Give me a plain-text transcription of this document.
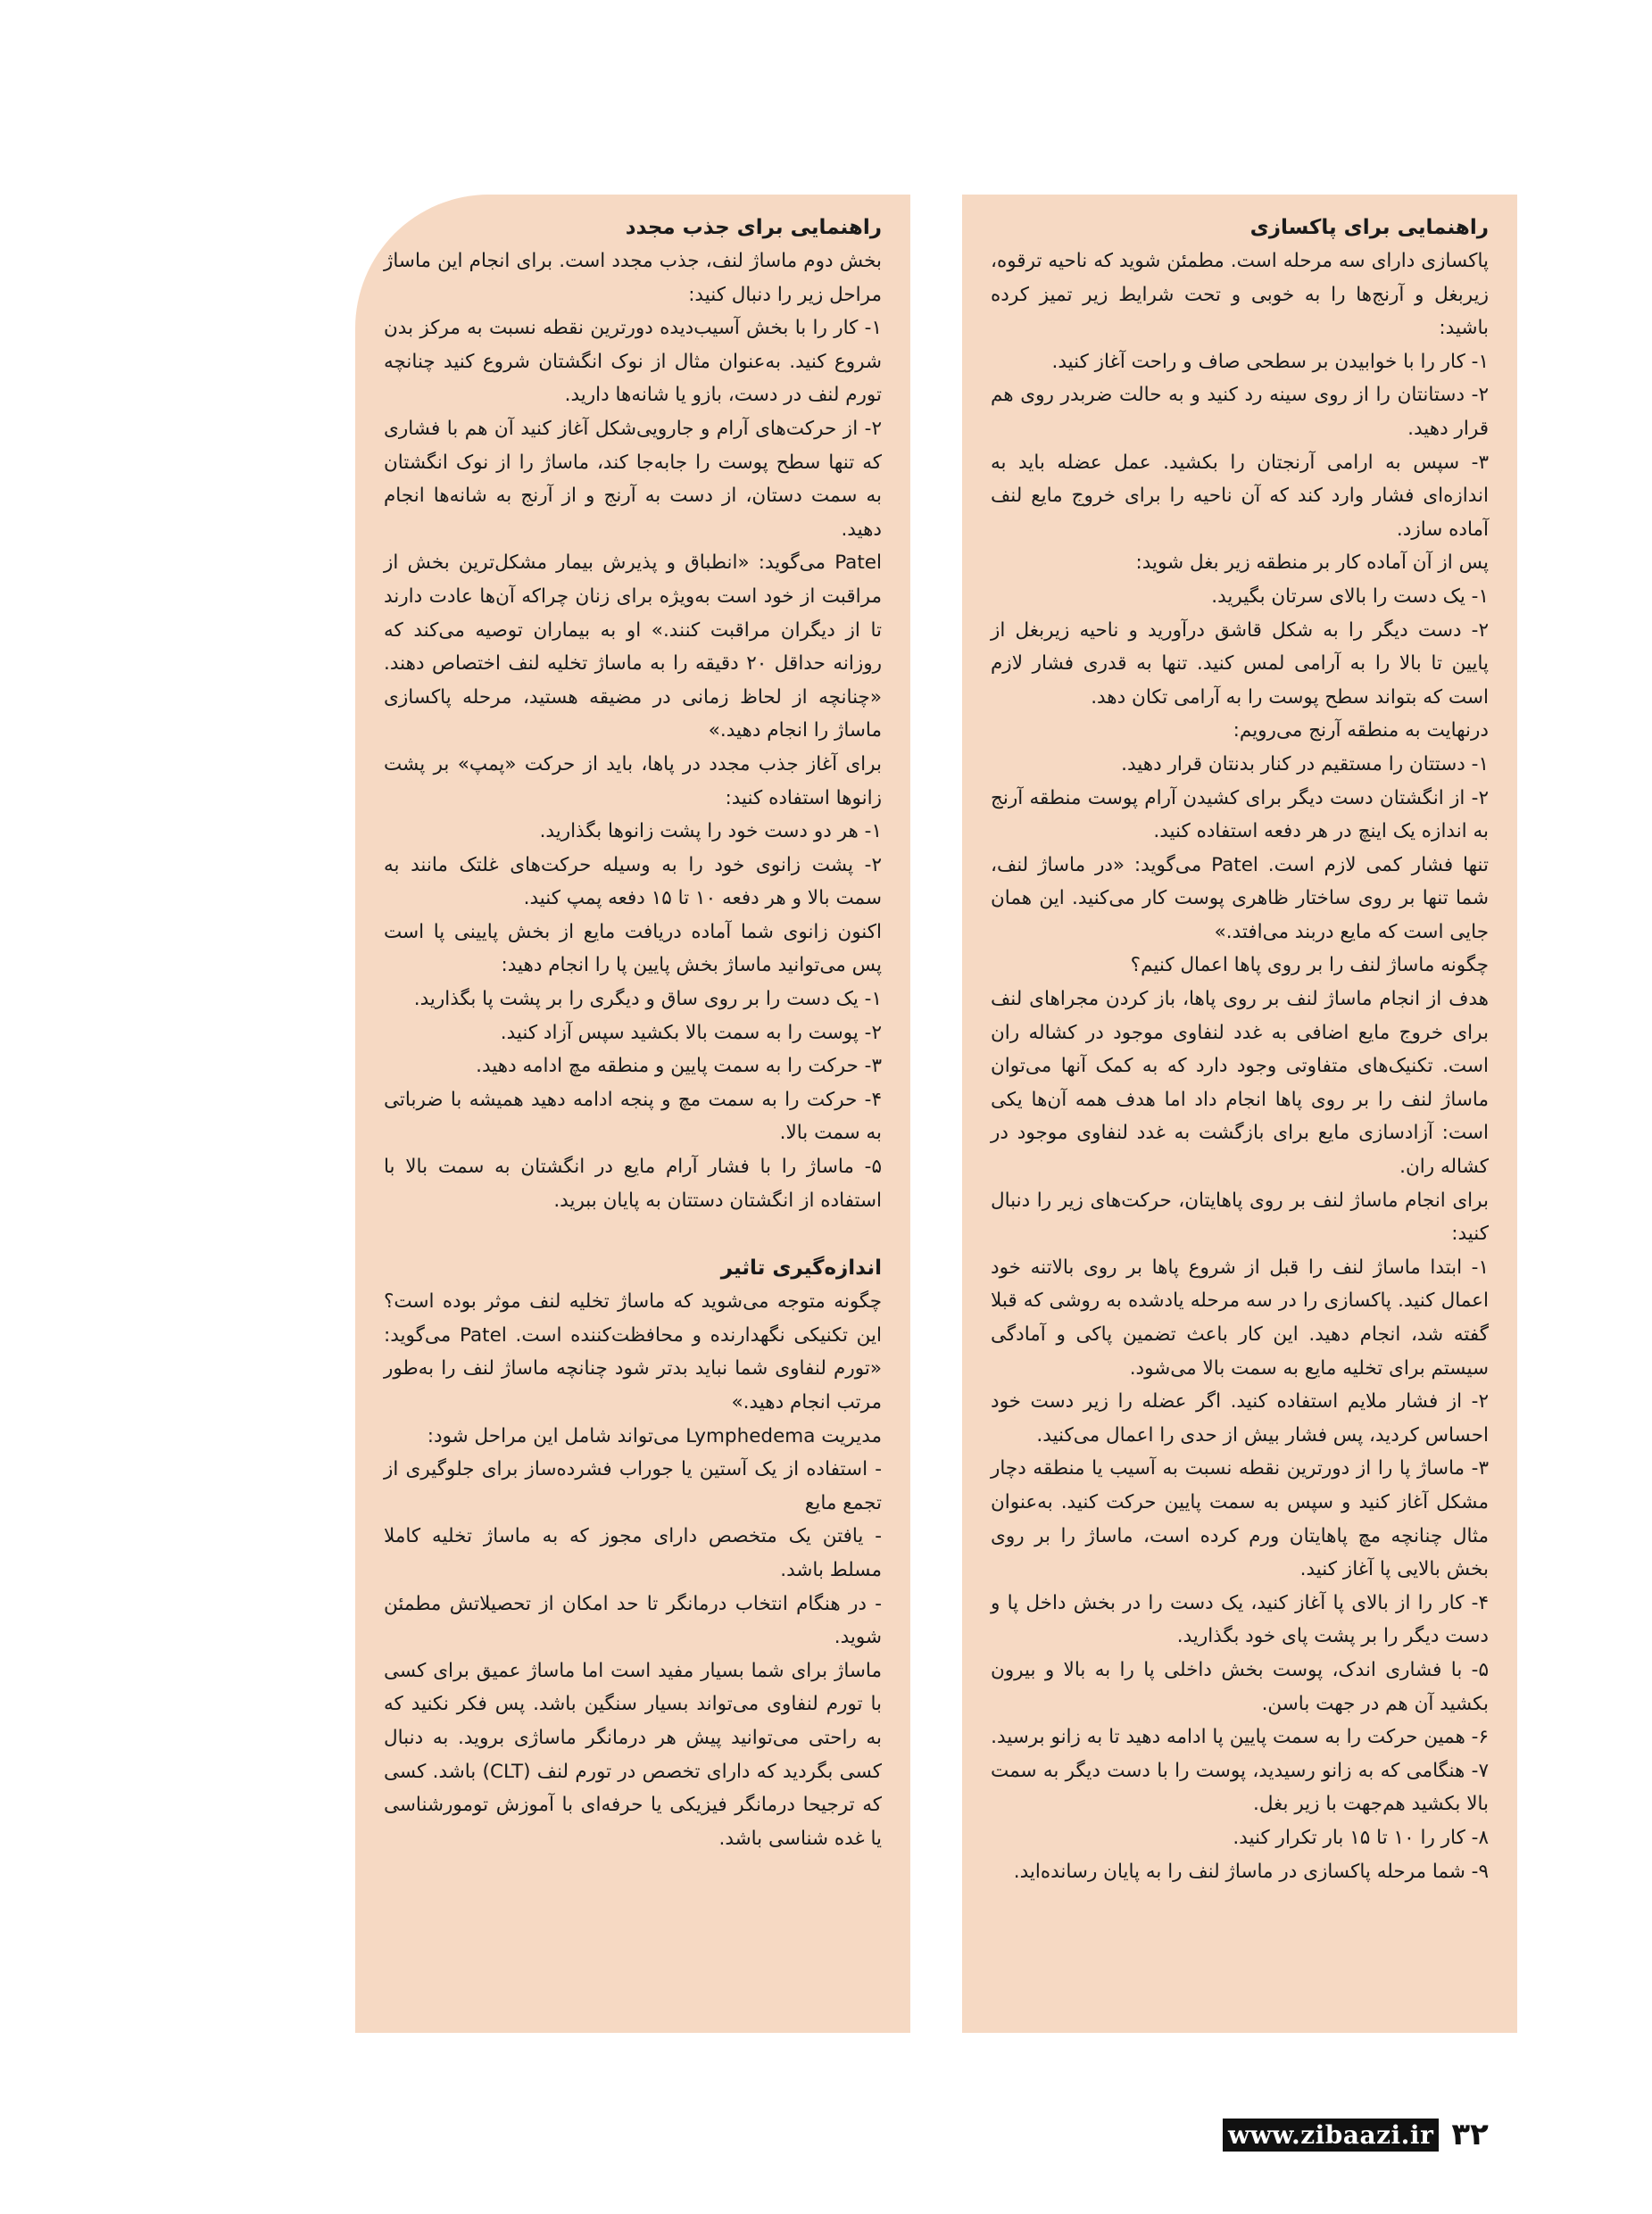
راهنمایی برای پاکسازی

پاکسازی دارای سه مرحله است. مطمئن شوید که ناحیه ترقوه، زیربغل و آرنج‌ها را به خوبی و تحت شرایط زیر تمیز کرده باشید:

۱- کار را با خوابیدن بر سطحی صاف و راحت آغاز کنید.

۲- دستانتان را از روی سینه رد کنید و به حالت ضربدر روی هم قرار دهید.

۳- سپس به ارامی آرنجتان را بکشید. عمل عضله باید به اندازه‌ای فشار وارد کند که آن ناحیه را برای خروج مایع لنف آماده سازد.

پس از آن آماده کار بر منطقه زیر بغل شوید:

۱- یک دست را بالای سرتان بگیرید.

۲- دست دیگر را به شکل قاشق درآورید و ناحیه زیربغل از پایین تا بالا را به آرامی لمس کنید. تنها به قدری فشار لازم است که بتواند سطح پوست را به آرامی تکان دهد.

درنهایت به منطقه آرنج می‌رویم:

۱- دستتان را مستقیم در کنار بدنتان قرار دهید.

۲- از انگشتان دست دیگر برای کشیدن آرام پوست منطقه آرنج به اندازه یک اینچ در هر دفعه استفاده کنید.

تنها فشار کمی لازم است. Patel می‌گوید: «در ماساژ لنف، شما تنها بر روی ساختار ظاهری پوست کار می‌کنید. این همان جایی است که مایع دربند می‌افتد.»

چگونه ماساژ لنف را بر روی پاها اعمال کنیم؟

هدف از انجام ماساژ لنف بر روی پاها، باز کردن مجراهای لنف برای خروج مایع اضافی به غدد لنفاوی موجود در کشاله ران است. تکنیک‌های متفاوتی وجود دارد که به کمک آنها می‌توان ماساژ لنف را بر روی پاها انجام داد اما هدف همه آن‌ها یکی است: آزادسازی مایع برای بازگشت به غدد لنفاوی موجود در کشاله ران.

برای انجام ماساژ لنف بر روی پاهایتان، حرکت‌های زیر را دنبال کنید:

۱- ابتدا ماساژ لنف را قبل از شروع پاها بر روی بالاتنه خود اعمال کنید. پاکسازی را در سه مرحله یادشده به روشی که قبلا گفته شد، انجام دهید. این کار باعث تضمین پاکی و آمادگی سیستم برای تخلیه مایع به سمت بالا می‌شود.

۲- از فشار ملایم استفاده کنید. اگر عضله را زیر دست خود احساس کردید، پس فشار بیش از حدی را اعمال می‌کنید.

۳- ماساژ پا را از دورترین نقطه نسبت به آسیب یا منطقه دچار مشکل آغاز کنید و سپس به سمت پایین حرکت کنید. به‌عنوان مثال چنانچه مچ پاهایتان ورم کرده است، ماساژ را بر روی بخش بالایی پا آغاز کنید.

۴- کار را از بالای پا آغاز کنید، یک دست را در بخش داخل پا و دست دیگر را بر پشت پای خود بگذارید.

۵- با فشاری اندک، پوست بخش داخلی پا را به بالا و بیرون بکشید آن هم در جهت باسن.

۶- همین حرکت را به سمت پایین پا ادامه دهید تا به زانو برسید.

۷- هنگامی که به زانو رسیدید، پوست را با دست دیگر به سمت بالا بکشید هم‌جهت با زیر بغل.

۸- کار را ۱۰ تا ۱۵ بار تکرار کنید.

۹- شما مرحله پاکسازی در ماساژ لنف را به پایان رسانده‌اید.

راهنمایی برای جذب مجدد

بخش دوم ماساژ لنف، جذب مجدد است. برای انجام این ماساژ مراحل زیر را دنبال کنید:

۱- کار را با بخش آسیب‌دیده دورترین نقطه نسبت به مرکز بدن شروع کنید. به‌عنوان مثال از نوک انگشتان شروع کنید چنانچه تورم لنف در دست، بازو یا شانه‌ها دارید.

۲- از حرکت‌های آرام و جارویی‌شکل آغاز کنید آن هم با فشاری که تنها سطح پوست را جابه‌جا کند، ماساژ را از نوک انگشتان به سمت دستان، از دست به آرنج و از آرنج به شانه‌ها انجام دهید.

Patel می‌گوید: «انطباق و پذیرش بیمار مشکل‌ترین بخش از مراقبت از خود است به‌ویژه برای زنان چراکه آن‌ها عادت دارند تا از دیگران مراقبت کنند.» او به بیماران توصیه می‌کند که روزانه حداقل ۲۰ دقیقه را به ماساژ تخلیه لنف اختصاص دهند. «چنانچه از لحاظ زمانی در مضیقه هستید، مرحله پاکسازی ماساژ را انجام دهید.»

برای آغاز جذب مجدد در پاها، باید از حرکت «پمپ» بر پشت زانوها استفاده کنید:

۱- هر دو دست خود را پشت زانوها بگذارید.

۲- پشت زانوی خود را به وسیله حرکت‌های غلتک مانند به سمت بالا و هر دفعه ۱۰ تا ۱۵ دفعه پمپ کنید.

اکنون زانوی شما آماده دریافت مایع از بخش پایینی پا است پس می‌توانید ماساژ بخش پایین پا را انجام دهید:

۱- یک دست را بر روی ساق و دیگری را بر پشت پا بگذارید.

۲- پوست را به سمت بالا بکشید سپس آزاد کنید.

۳- حرکت را به سمت پایین و منطقه مچ ادامه دهید.

۴- حرکت را به سمت مچ و پنجه ادامه دهید همیشه با ضرباتی به سمت بالا.

۵- ماساژ را با فشار آرام مایع در انگشتان به سمت بالا با استفاده از انگشتان دستتان به پایان ببرید.

اندازه‌گیری تاثیر

چگونه متوجه می‌شوید که ماساژ تخلیه لنف موثر بوده است؟ این تکنیکی نگهدارنده و محافظت‌کننده است. Patel می‌گوید: «تورم لنفاوی شما نباید بدتر شود چنانچه ماساژ لنف را به‌طور مرتب انجام دهید.»

مدیریت Lymphedema می‌تواند شامل این مراحل شود:

- استفاده از یک آستین یا جوراب فشرده‌ساز برای جلوگیری از تجمع مایع

- یافتن یک متخصص دارای مجوز که به ماساژ تخلیه کاملا مسلط باشد.

- در هنگام انتخاب درمانگر تا حد امکان از تحصیلاتش مطمئن شوید.

ماساژ برای شما بسیار مفید است اما ماساژ عمیق برای کسی با تورم لنفاوی می‌تواند بسیار سنگین باشد. پس فکر نکنید که به راحتی می‌توانید پیش هر درمانگر ماساژی بروید. به دنبال کسی بگردید که دارای تخصص در تورم لنف (CLT) باشد. کسی که ترجیحا درمانگر فیزیکی یا حرفه‌ای با آموزش تومورشناسی یا غده شناسی باشد.

www.zibaazi.ir ۳۲
